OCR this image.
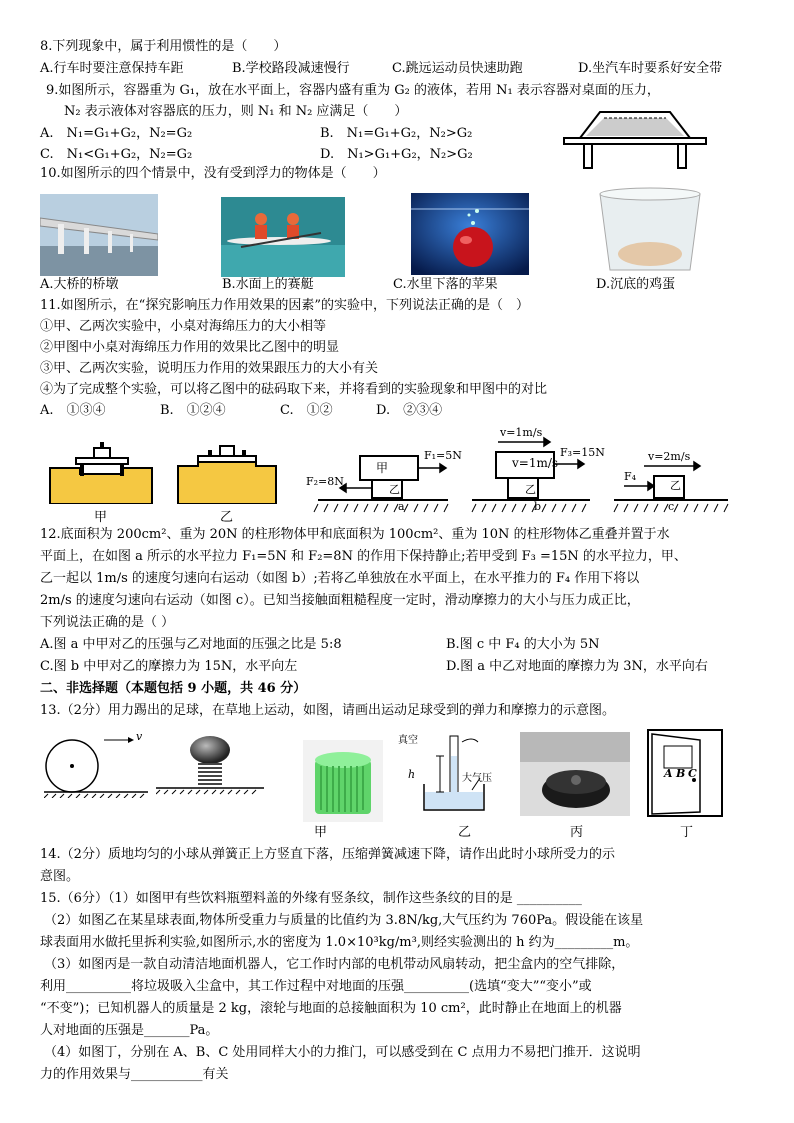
8.下列现象中，属于利用惯性的是（　　）
A.行车时要注意保持车距	B.学校路段减速慢行	C.跳远运动员快速助跑	D.坐汽车时要系好安全带
9.如图所示，容器重为 G₁，放在水平面上，容器内盛有重为 G₂ 的液体，若用 N₁ 表示容器对桌面的压力，
N₂ 表示液体对容器底的压力，则 N₁ 和 N₂ 应满足（　　）
A.　N₁=G₁+G₂，N₂=G₂	B.　N₁=G₁+G₂，N₂>G₂
C.　N₁<G₁+G₂，N₂=G₂	D.　N₁>G₁+G₂，N₂>G₂
10.如图所示的四个情景中，没有受到浮力的物体是（　　）
A.大桥的桥墩	B.水面上的赛艇	C.水里下落的苹果	D.沉底的鸡蛋
11.如图所示，在“探究影响压力作用效果的因素”的实验中，下列说法正确的是（　）
①甲、乙两次实验中，小桌对海绵压力的大小相等
②甲图中小桌对海绵压力作用的效果比乙图中的明显
③甲、乙两次实验，说明压力作用的效果跟压力的大小有关
④为了完成整个实验，可以将乙图中的砝码取下来，并将看到的实验现象和甲图中的对比
A.　①③④	B.　①②④	C.　①②	D.　②③④
甲	乙
甲
乙
F₁=5N
F₂=8N
a
v=1m/s
乙
v=1m/s
F₃=15N
b
v=2m/s
F₄
乙
c
12.底面积为 200cm²、重为 20N 的柱形物体甲和底面积为 100cm²、重为 10N 的柱形物体乙重叠并置于水
平面上，在如图 a 所示的水平拉力 F₁=5N 和 F₂=8N 的作用下保持静止;若甲受到 F₃ =15N 的水平拉力，甲、
乙一起以 1m/s 的速度匀速向右运动（如图 b）;若将乙单独放在水平面上，在水平推力的 F₄ 作用下将以
2m/s 的速度匀速向右运动（如图 c）。已知当接触面粗糙程度一定时，滑动摩擦力的大小与压力成正比，
下列说法正确的是（ ）
A.图 a 中甲对乙的压强与乙对地面的压强之比是 5:8	B.图 c 中 F₄ 的大小为 5N
C.图 b 中甲对乙的摩擦力为 15N，水平向左	D.图 a 中乙对地面的摩擦力为 3N，水平向右
二、非选择题（本题包括 9 小题，共 46 分）
13.（2分）用力踢出的足球，在草地上运动，如图，请画出运动足球受到的弹力和摩擦力的示意图。
v	真空
h	大气压	A B C
甲	乙	丙	丁
14.（2分）质地均匀的小球从弹簧正上方竖直下落，压缩弹簧减速下降，请作出此时小球所受力的示
意图。
15.（6分）（1）如图甲有些饮料瓶塑料盖的外缘有竖条纹，制作这些条纹的目的是 __________
（2）如图乙在某星球表面,物体所受重力与质量的比值约为 3.8N/kg,大气压约为 760Pa。假设能在该星
球表面用水做托里拆利实验,如图所示,水的密度为 1.0×10³kg/m³,则经实验测出的 h 约为_________m。
（3）如图丙是一款自动清洁地面机器人，它工作时内部的电机带动风扇转动，把尘盒内的空气排除，
利用__________将垃圾吸入尘盒中，其工作过程中对地面的压强__________(选填“变大”“变小”或
“不变”)；已知机器人的质量是 2 kg，滚轮与地面的总接触面积为 10 cm²，此时静止在地面上的机器
人对地面的压强是_______Pa。
（4）如图丁，分别在 A、B、C 处用同样大小的力推门，可以感受到在 C 点用力不易把门推开．这说明
力的作用效果与___________有关
